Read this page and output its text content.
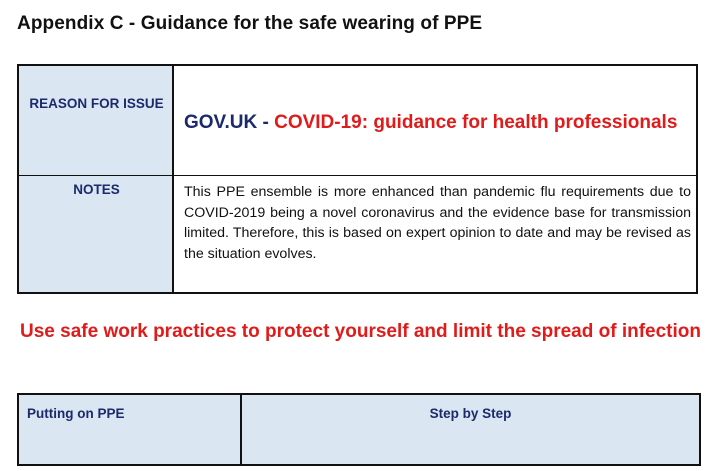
Appendix C - Guidance for the safe wearing of PPE
REASON FOR ISSUE
GOV.UK - COVID-19: guidance for health professionals
NOTES	This PPE ensemble is more enhanced than pandemic flu requirements due to COVID-2019 being a novel coronavirus and the evidence base for transmission limited. Therefore, this is based on expert opinion to date and may be revised as the situation evolves.
Use safe work practices to protect yourself and limit the spread of infection
Putting on PPE	Step by Step
